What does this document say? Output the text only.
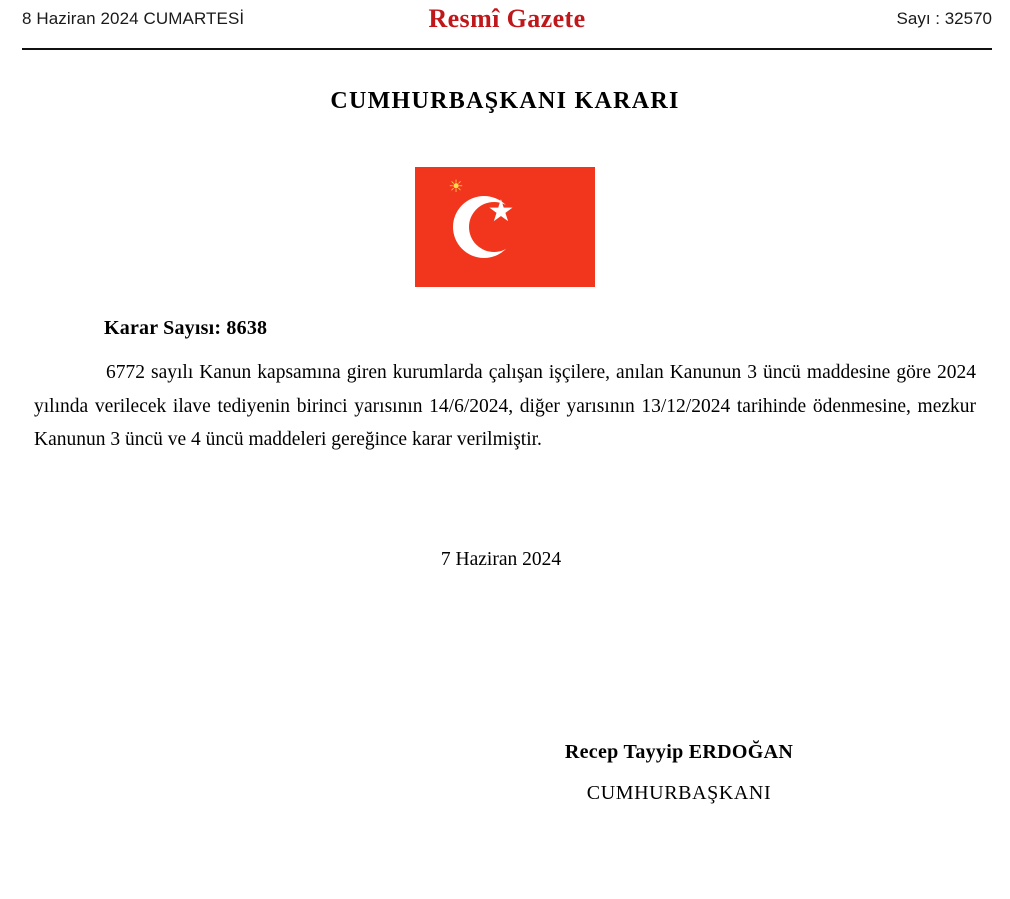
8 Haziran 2024 CUMARTESİ	Resmî Gazete	Sayı : 32570
CUMHURBAŞKANI KARARI
☀
Karar Sayısı: 8638
6772 sayılı Kanun kapsamına giren kurumlarda çalışan işçilere, anılan Kanunun 3 üncü maddesine göre 2024 yılında verilecek ilave tediyenin birinci yarısının 14/6/2024, diğer yarısının 13/12/2024 tarihinde ödenmesine, mezkur Kanunun 3 üncü ve 4 üncü maddeleri gereğince karar verilmiştir.
7 Haziran 2024
Recep Tayyip ERDOĞAN
CUMHURBAŞKANI
